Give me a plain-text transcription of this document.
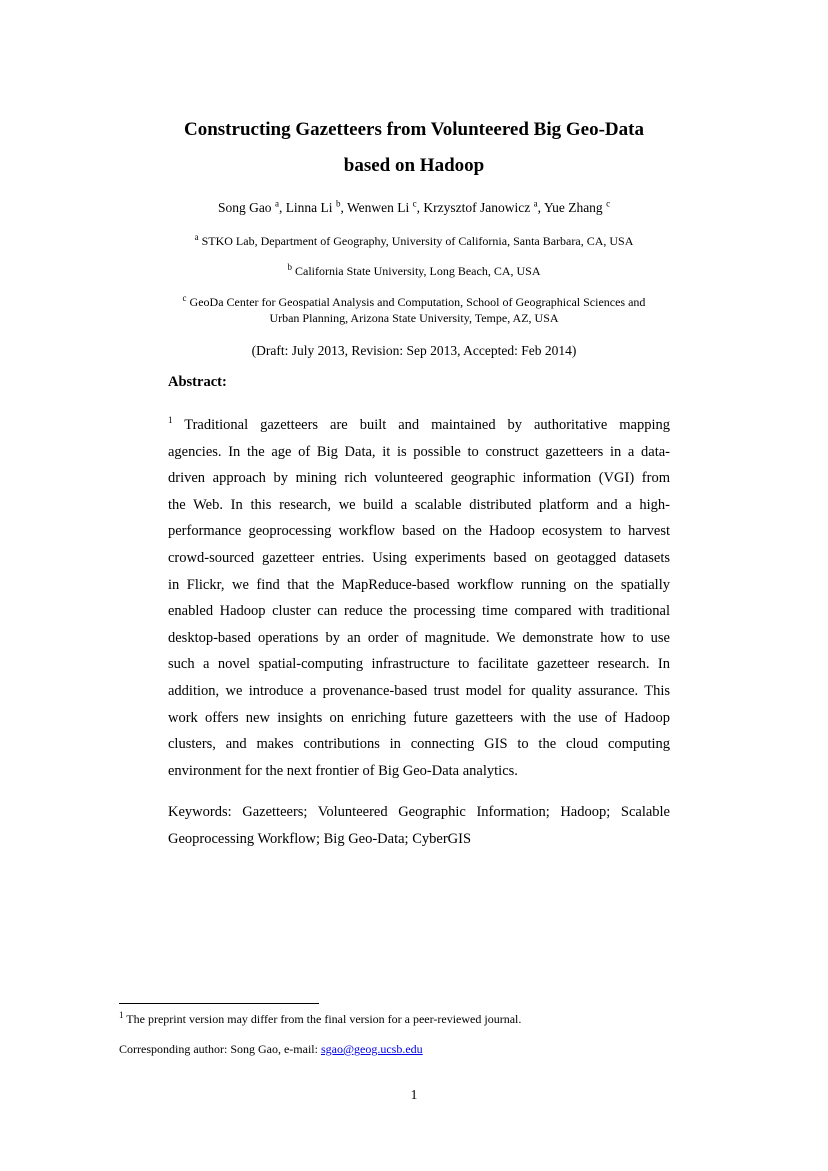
Constructing Gazetteers from Volunteered Big Geo-Data
based on Hadoop
Song Gao $^a$, Linna Li $^b$, Wenwen Li $^c$, Krzysztof Janowicz $^a$, Yue Zhang $^c$
$^a$ STKO Lab, Department of Geography, University of California, Santa Barbara, CA, USA
$^b$ California State University, Long Beach, CA, USA
$^c$ GeoDa Center for Geospatial Analysis and Computation, School of Geographical Sciences and
Urban Planning, Arizona State University, Tempe, AZ, USA
(Draft: July 2013, Revision: Sep 2013, Accepted: Feb 2014)
Abstract:
$^1$ Traditional gazetteers are built and maintained by authoritative mapping
agencies. In the age of Big Data, it is possible to construct gazetteers in a data-
driven approach by mining rich volunteered geographic information (VGI) from
the Web. In this research, we build a scalable distributed platform and a high-
performance geoprocessing workflow based on the Hadoop ecosystem to harvest
crowd-sourced gazetteer entries. Using experiments based on geotagged datasets
in Flickr, we find that the MapReduce-based workflow running on the spatially
enabled Hadoop cluster can reduce the processing time compared with traditional
desktop-based operations by an order of magnitude. We demonstrate how to use
such a novel spatial-computing infrastructure to facilitate gazetteer research. In
addition, we introduce a provenance-based trust model for quality assurance. This
work offers new insights on enriching future gazetteers with the use of Hadoop
clusters, and makes contributions in connecting GIS to the cloud computing
environment for the next frontier of Big Geo-Data analytics.
Keywords: Gazetteers; Volunteered Geographic Information; Hadoop; Scalable
Geoprocessing Workflow; Big Geo-Data; CyberGIS
$^1$ The preprint version may differ from the final version for a peer-reviewed journal.
Corresponding author: Song Gao, e-mail: sgao@geog.ucsb.edu
1
